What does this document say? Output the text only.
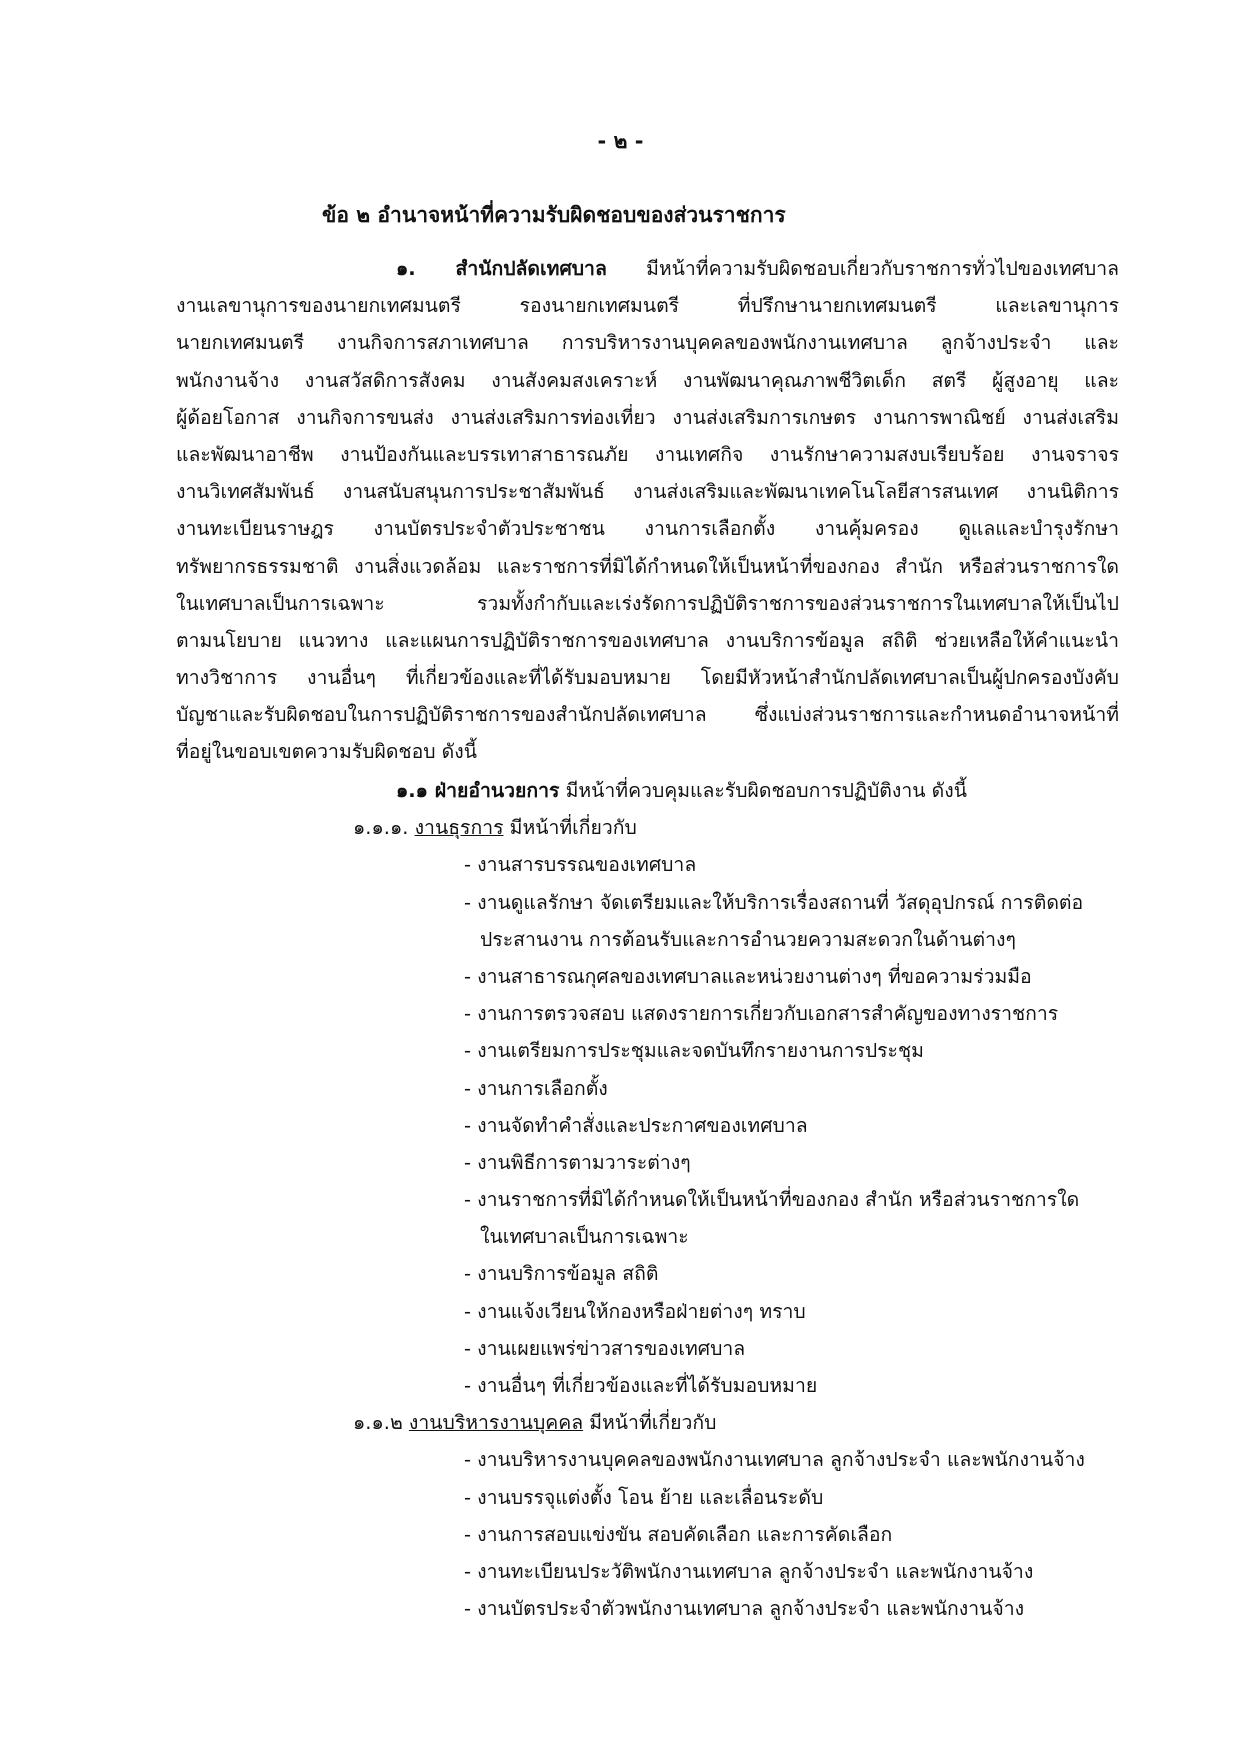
- ๒ -
ข้อ ๒ อำนาจหน้าที่ความรับผิดชอบของส่วนราชการ
๑. สำนักปลัดเทศบาล มีหน้าที่ความรับผิดชอบเกี่ยวกับราชการทั่วไปของเทศบาล
งานเลขานุการของนายกเทศมนตรี รองนายกเทศมนตรี ที่ปรึกษานายกเทศมนตรี และเลขานุการ
นายกเทศมนตรี งานกิจการสภาเทศบาล การบริหารงานบุคคลของพนักงานเทศบาล ลูกจ้างประจำ และ
พนักงานจ้าง งานสวัสดิการสังคม งานสังคมสงเคราะห์ งานพัฒนาคุณภาพชีวิตเด็ก สตรี ผู้สูงอายุ และ
ผู้ด้อยโอกาส งานกิจการขนส่ง งานส่งเสริมการท่องเที่ยว งานส่งเสริมการเกษตร งานการพาณิชย์ งานส่งเสริม
และพัฒนาอาชีพ งานป้องกันและบรรเทาสาธารณภัย งานเทศกิจ งานรักษาความสงบเรียบร้อย งานจราจร
งานวิเทศสัมพันธ์ งานสนับสนุนการประชาสัมพันธ์ งานส่งเสริมและพัฒนาเทคโนโลยีสารสนเทศ งานนิติการ
งานทะเบียนราษฎร งานบัตรประจำตัวประชาชน งานการเลือกตั้ง งานคุ้มครอง ดูแลและบำรุงรักษา
ทรัพยากรธรรมชาติ งานสิ่งแวดล้อม และราชการที่มิได้กำหนดให้เป็นหน้าที่ของกอง สำนัก หรือส่วนราชการใด
ในเทศบาลเป็นการเฉพาะ รวมทั้งกำกับและเร่งรัดการปฏิบัติราชการของส่วนราชการในเทศบาลให้เป็นไป
ตามนโยบาย แนวทาง และแผนการปฏิบัติราชการของเทศบาล งานบริการข้อมูล สถิติ ช่วยเหลือให้คำแนะนำ
ทางวิชาการ งานอื่นๆ ที่เกี่ยวข้องและที่ได้รับมอบหมาย โดยมีหัวหน้าสำนักปลัดเทศบาลเป็นผู้ปกครองบังคับ
บัญชาและรับผิดชอบในการปฏิบัติราชการของสำนักปลัดเทศบาล ซึ่งแบ่งส่วนราชการและกำหนดอำนาจหน้าที่
ที่อยู่ในขอบเขตความรับผิดชอบ ดังนี้
๑.๑ ฝ่ายอำนวยการ มีหน้าที่ควบคุมและรับผิดชอบการปฏิบัติงาน ดังนี้
๑.๑.๑. งานธุรการ มีหน้าที่เกี่ยวกับ
- งานสารบรรณของเทศบาล
- งานดูแลรักษา จัดเตรียมและให้บริการเรื่องสถานที่ วัสดุอุปกรณ์ การติดต่อ
ประสานงาน การต้อนรับและการอำนวยความสะดวกในด้านต่างๆ
- งานสาธารณกุศลของเทศบาลและหน่วยงานต่างๆ ที่ขอความร่วมมือ
- งานการตรวจสอบ แสดงรายการเกี่ยวกับเอกสารสำคัญของทางราชการ
- งานเตรียมการประชุมและจดบันทึกรายงานการประชุม
- งานการเลือกตั้ง
- งานจัดทำคำสั่งและประกาศของเทศบาล
- งานพิธีการตามวาระต่างๆ
- งานราชการที่มิได้กำหนดให้เป็นหน้าที่ของกอง สำนัก หรือส่วนราชการใด
ในเทศบาลเป็นการเฉพาะ
- งานบริการข้อมูล สถิติ
- งานแจ้งเวียนให้กองหรือฝ่ายต่างๆ ทราบ
- งานเผยแพร่ข่าวสารของเทศบาล
- งานอื่นๆ ที่เกี่ยวข้องและที่ได้รับมอบหมาย
๑.๑.๒ งานบริหารงานบุคคล มีหน้าที่เกี่ยวกับ
- งานบริหารงานบุคคลของพนักงานเทศบาล ลูกจ้างประจำ และพนักงานจ้าง
- งานบรรจุแต่งตั้ง โอน ย้าย และเลื่อนระดับ
- งานการสอบแข่งขัน สอบคัดเลือก และการคัดเลือก
- งานทะเบียนประวัติพนักงานเทศบาล ลูกจ้างประจำ และพนักงานจ้าง
- งานบัตรประจำตัวพนักงานเทศบาล ลูกจ้างประจำ และพนักงานจ้าง
